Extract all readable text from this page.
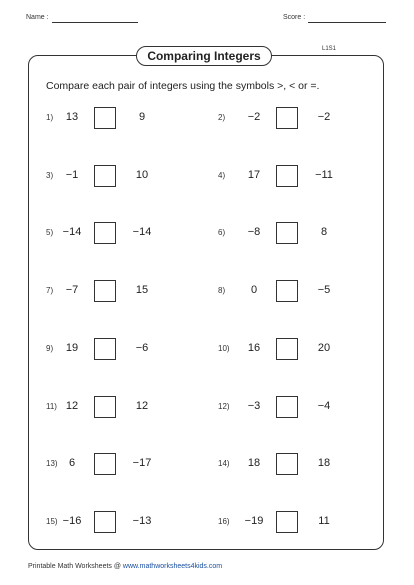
Name :	Score :
Comparing Integers	L1S1
Compare each pair of integers using the symbols >, < or =.
1)	13	9	2)	−2	−2
3)	−1	10	4)	17	−11
5) −14	−14	6)	−8	8
7)	−7	15	8)	0	−5
9)	19	−6	10)	16	20
11) 12	12	12)	−3	−4
13)	6	−17	14)	18	18
15) −16	−13	16)	−19	11
Printable Math Worksheets @ www.mathworksheets4kids.com
